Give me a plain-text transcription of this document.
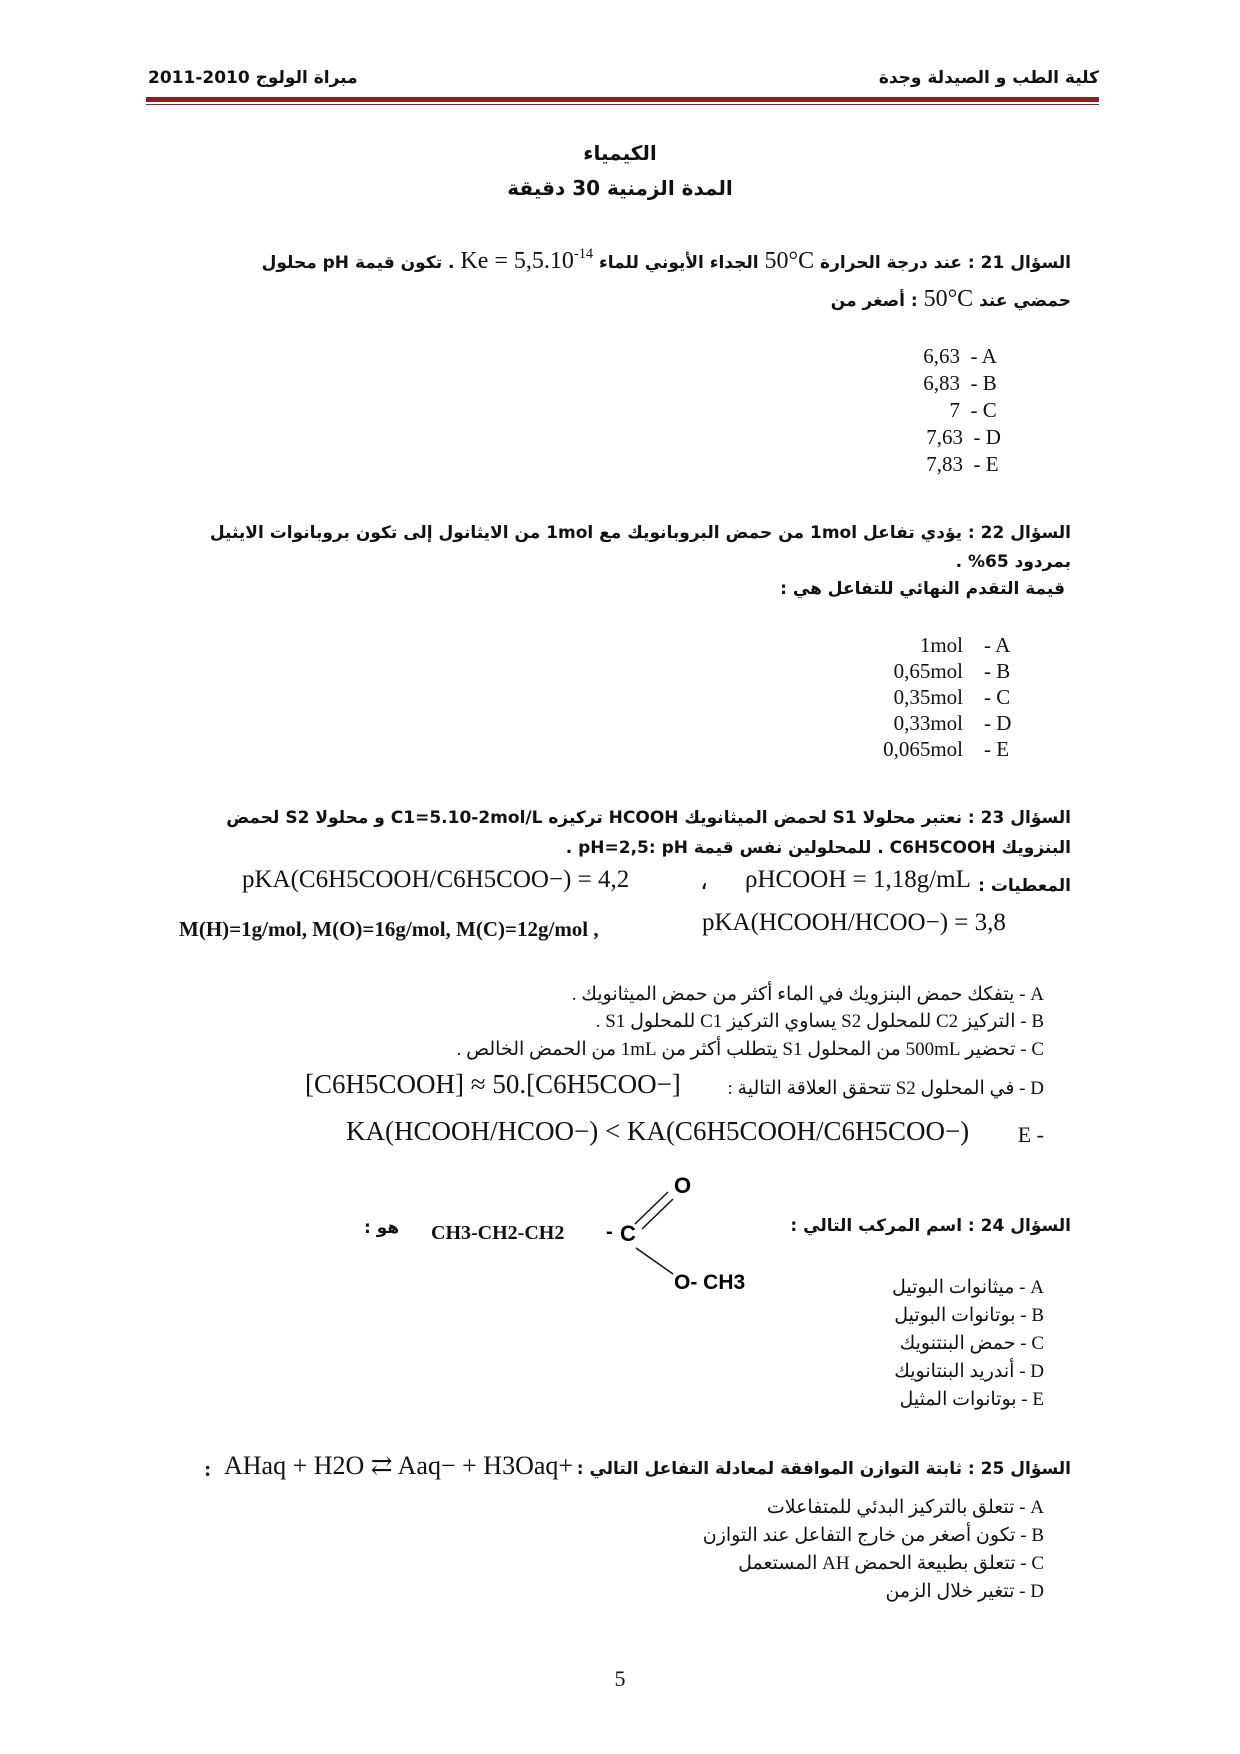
كلية الطب و الصيدلة وجدة
مبراة الولوج 2010-2011
الكيمياء
المدة الزمنية 30 دقيقة
السؤال 21 : عند درجة الحرارة 50°C الجداء الأيوني للماء $Ke = 5,5.10^{-14}$ . تكون قيمة pH محلول
حمضي عند 50°C : أصغر من
6,63 - A
6,83 - B
7 - C
7,63 - D
7,83 - E
السؤال 22 : يؤدي تفاعل 1mol من حمض البروبانويك مع 1mol من الايثانول إلى تكون بروبانوات الايثيل
بمردود 65% .
قيمة التقدم النهائي للتفاعل هي :
1mol - A
0,65mol - B
0,35mol - C
0,33mol - D
0,065mol - E
السؤال 23 : نعتبر محلولا S1 لحمض الميثانويك HCOOH تركيزه C1=5.10-2mol/L و محلولا S2 لحمض
البنزويك C6H5COOH . للمحلولين نفس قيمة pH=2,5: pH .
المعطيات :
ρHCOOH = 1,18g/mL
،
pKA(C6H5COOH/C6H5COO−) = 4,2
M(H)=1g/mol, M(O)=16g/mol, M(C)=12g/mol ,	pKA(HCOOH/HCOO−) = 3,8
A - يتفكك حمض البنزويك في الماء أكثر من حمض الميثانويك .
B - التركيز C2 للمحلول S2 يساوي التركيز C1 للمحلول S1 .
C - تحضير 500mL من المحلول S1 يتطلب أكثر من 1mL من الحمض الخالص .
D - في المحلول S2 تتحقق العلاقة التالية :
[C6H5COOH] ≈ 50.[C6H5COO−]
KA(HCOOH/HCOO−) < KA(C6H5COOH/C6H5COO−)	- E
السؤال 24 : اسم المركب التالي :
هو : CH3-CH2-CH2 - C
O
O- CH3	A - ميثانوات البوتيل
B - بوتانوات البوتيل
C - حمض البنتنويك
D - أندريد البنتانويك
E - بوتانوات المثيل
السؤال 25 : ثابتة التوازن الموافقة لمعادلة التفاعل التالي :
AHaq + H2O ⇄ Aaq− + H3Oaq+
:
A - تتعلق بالتركيز البدئي للمتفاعلات
B - تكون أصغر من خارج التفاعل عند التوازن
C - تتعلق بطبيعة الحمض AH المستعمل
D - تتغير خلال الزمن
5
